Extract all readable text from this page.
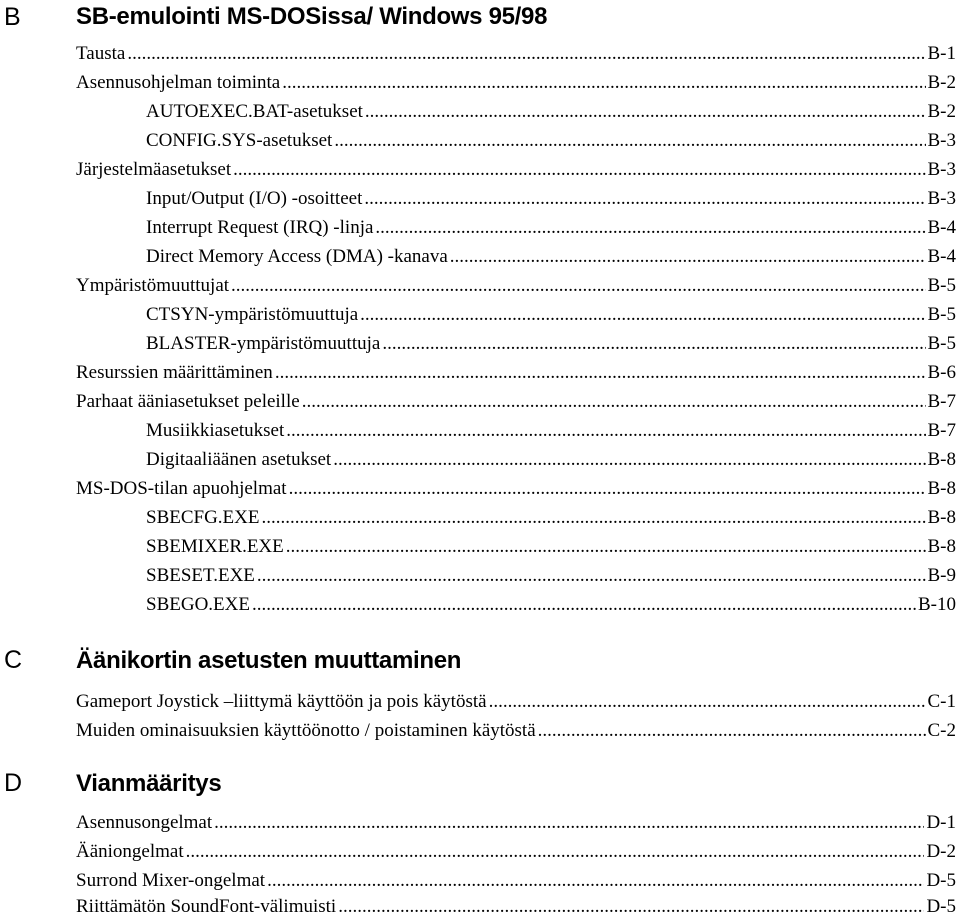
B SB-emulointi MS-DOSissa/ Windows 95/98
Tausta .....	B-1
Asennusohjelman toiminta .....	B-2
AUTOEXEC.BAT-asetukset .....	B-2
CONFIG.SYS-asetukset .....	B-3
Järjestelmäasetukset .....	B-3
Input/Output (I/O) -osoitteet .....	B-3
Interrupt Request (IRQ) -linja .....	B-4
Direct Memory Access (DMA) -kanava .....	B-4
Ympäristömuuttujat .....	B-5
CTSYN-ympäristömuuttuja .....	B-5
BLASTER-ympäristömuuttuja .....	B-5
Resurssien määrittäminen .....	B-6
Parhaat ääniasetukset peleille .....	B-7
Musiikkiasetukset .....	B-7
Digitaaliäänen asetukset .....	B-8
MS-DOS-tilan apuohjelmat .....	B-8
SBECFG.EXE .....	B-8
SBEMIXER.EXE .....	B-8
SBESET.EXE .....	B-9
SBEGO.EXE .....	B-10
C Äänikortin asetusten muuttaminen
Gameport Joystick –liittymä käyttöön ja pois käytöstä .....	C-1
Muiden ominaisuuksien käyttöönotto / poistaminen käytöstä .....	C-2
D Vianmääritys
Asennusongelmat .....	D-1
Ääniongelmat .....	D-2
Surrond Mixer-ongelmat .....	D-5
Riittämätön SoundFont-välimuisti .....	D-5
